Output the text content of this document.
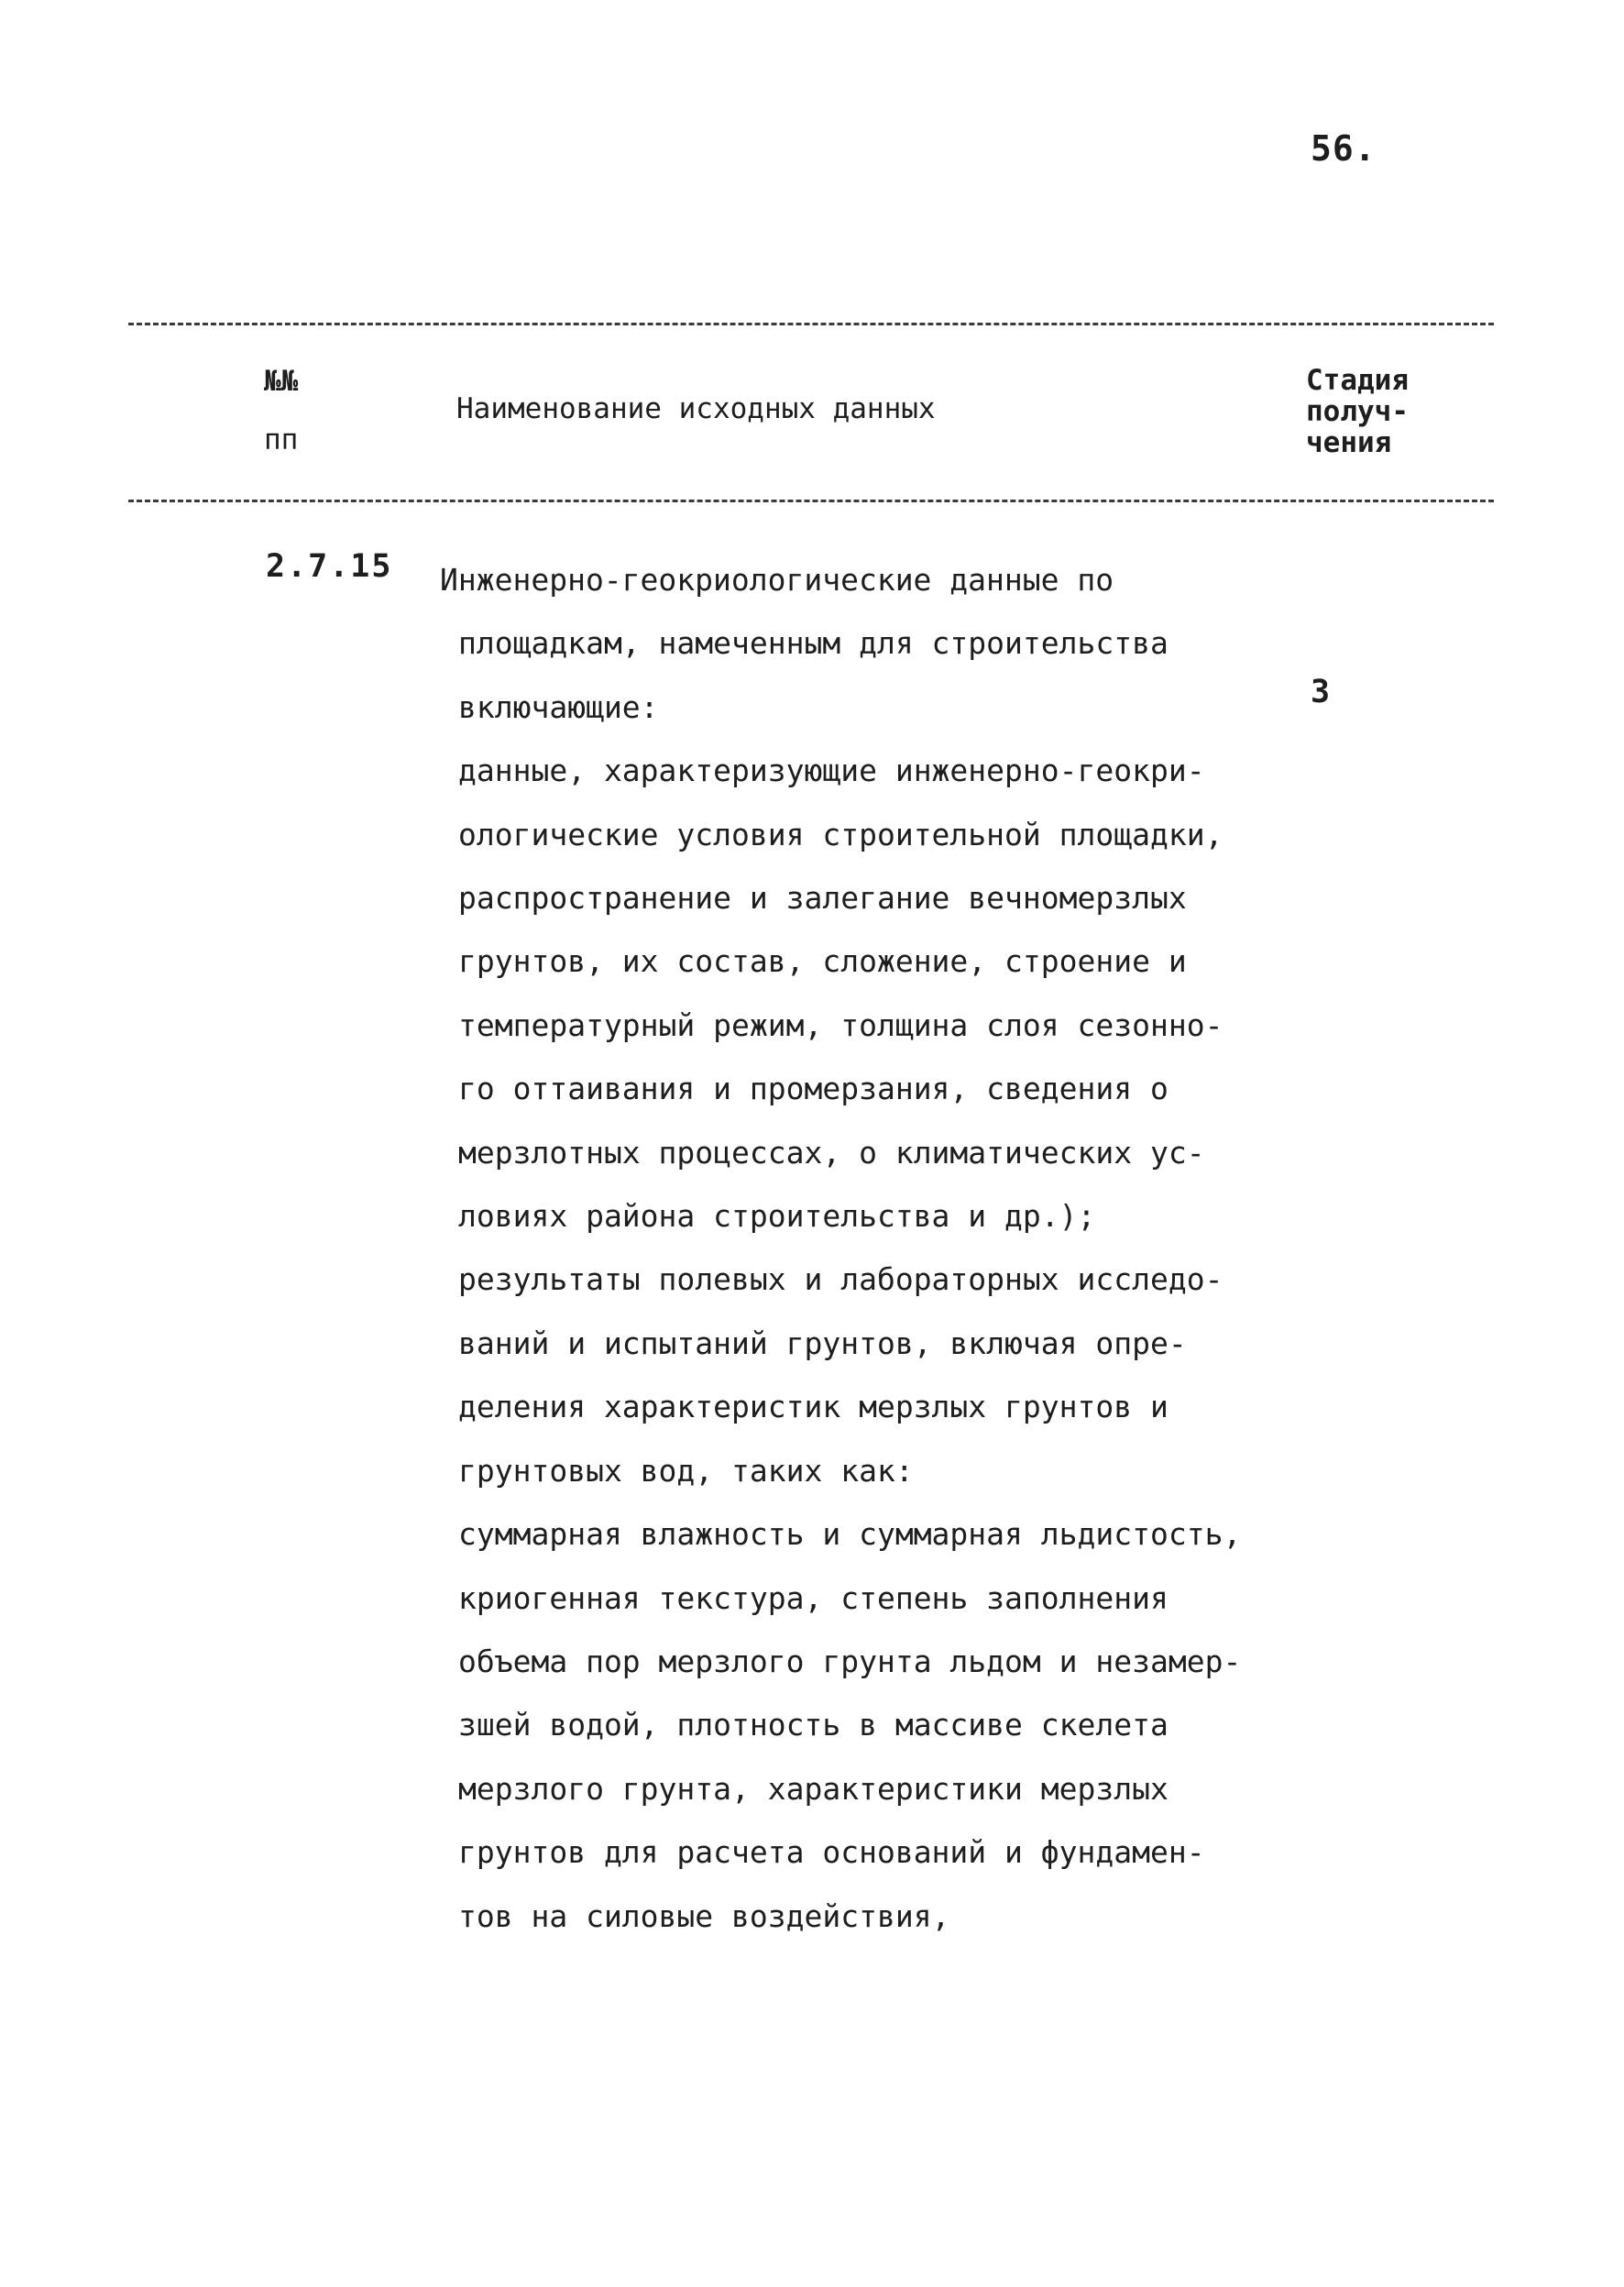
56.
№№
пп
Наименование исходных данных
Стадия
получ-
чения
2.7.15
3
Инженерно-геокриологические данные по
площадкам, намеченным для строительства
включающие:
данные, характеризующие инженерно-геокри-
ологические условия строительной площадки,
распространение и залегание вечномерзлых
грунтов, их состав, сложение, строение и
температурный режим, толщина слоя сезонно-
го оттаивания и промерзания, сведения о
мерзлотных процессах, о климатических ус-
ловиях района строительства и др.);
результаты полевых и лабораторных исследо-
ваний и испытаний грунтов, включая опре-
деления характеристик мерзлых грунтов и
грунтовых вод, таких как:
суммарная влажность и суммарная льдистость,
криогенная текстура, степень заполнения
объема пор мерзлого грунта льдом и незамер-
зшей водой, плотность в массиве скелета
мерзлого грунта, характеристики мерзлых
грунтов для расчета оснований и фундамен-
тов на силовые воздействия,
